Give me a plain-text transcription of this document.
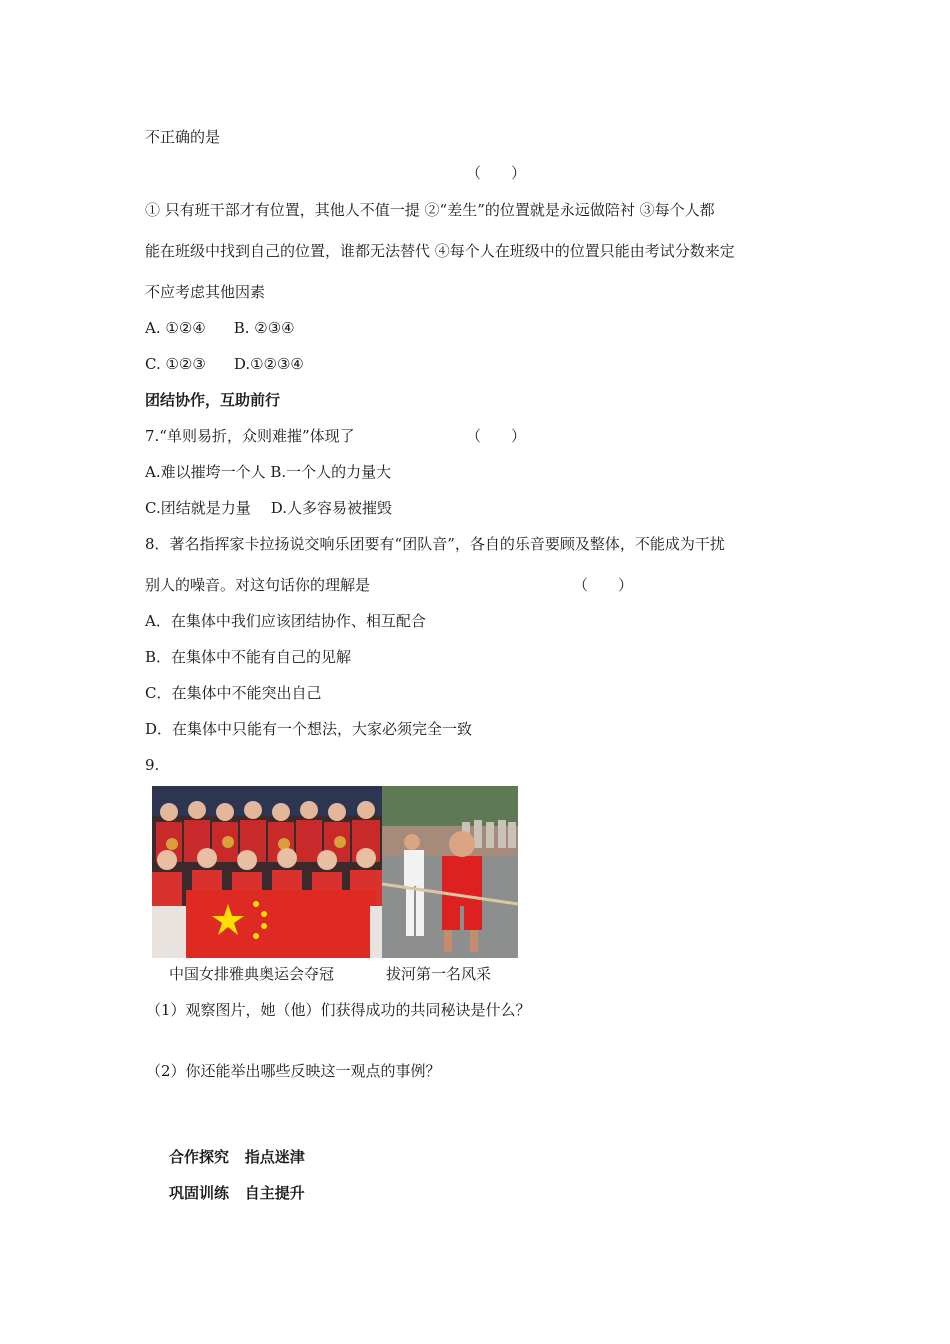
不正确的是
（　　）
① 只有班干部才有位置，其他人不值一提 ②“差生”的位置就是永远做陪衬 ③每个人都
能在班级中找到自己的位置，谁都无法替代 ④每个人在班级中的位置只能由考试分数来定
不应考虑其他因素
A. ①②④ B. ②③④
C. ①②③ D.①②③④
团结协作，互助前行
7.“单则易折，众则难摧”体现了	（　　）
A.难以摧垮一个人 B.一个人的力量大
C.团结就是力量 D.人多容易被摧毁
8．著名指挥家卡拉扬说交响乐团要有“团队音”，各自的乐音要顾及整体，不能成为干扰
别人的噪音。对这句话你的理解是	（　　）
A．在集体中我们应该团结协作、相互配合
B．在集体中不能有自己的见解
C．在集体中不能突出自己
D．在集体中只能有一个想法，大家必须完全一致
9.
中国女排雅典奥运会夺冠	拔河第一名风采
（1）观察图片，她（他）们获得成功的共同秘诀是什么？
（2）你还能举出哪些反映这一观点的事例？
合作探究 指点迷津
巩固训练 自主提升
